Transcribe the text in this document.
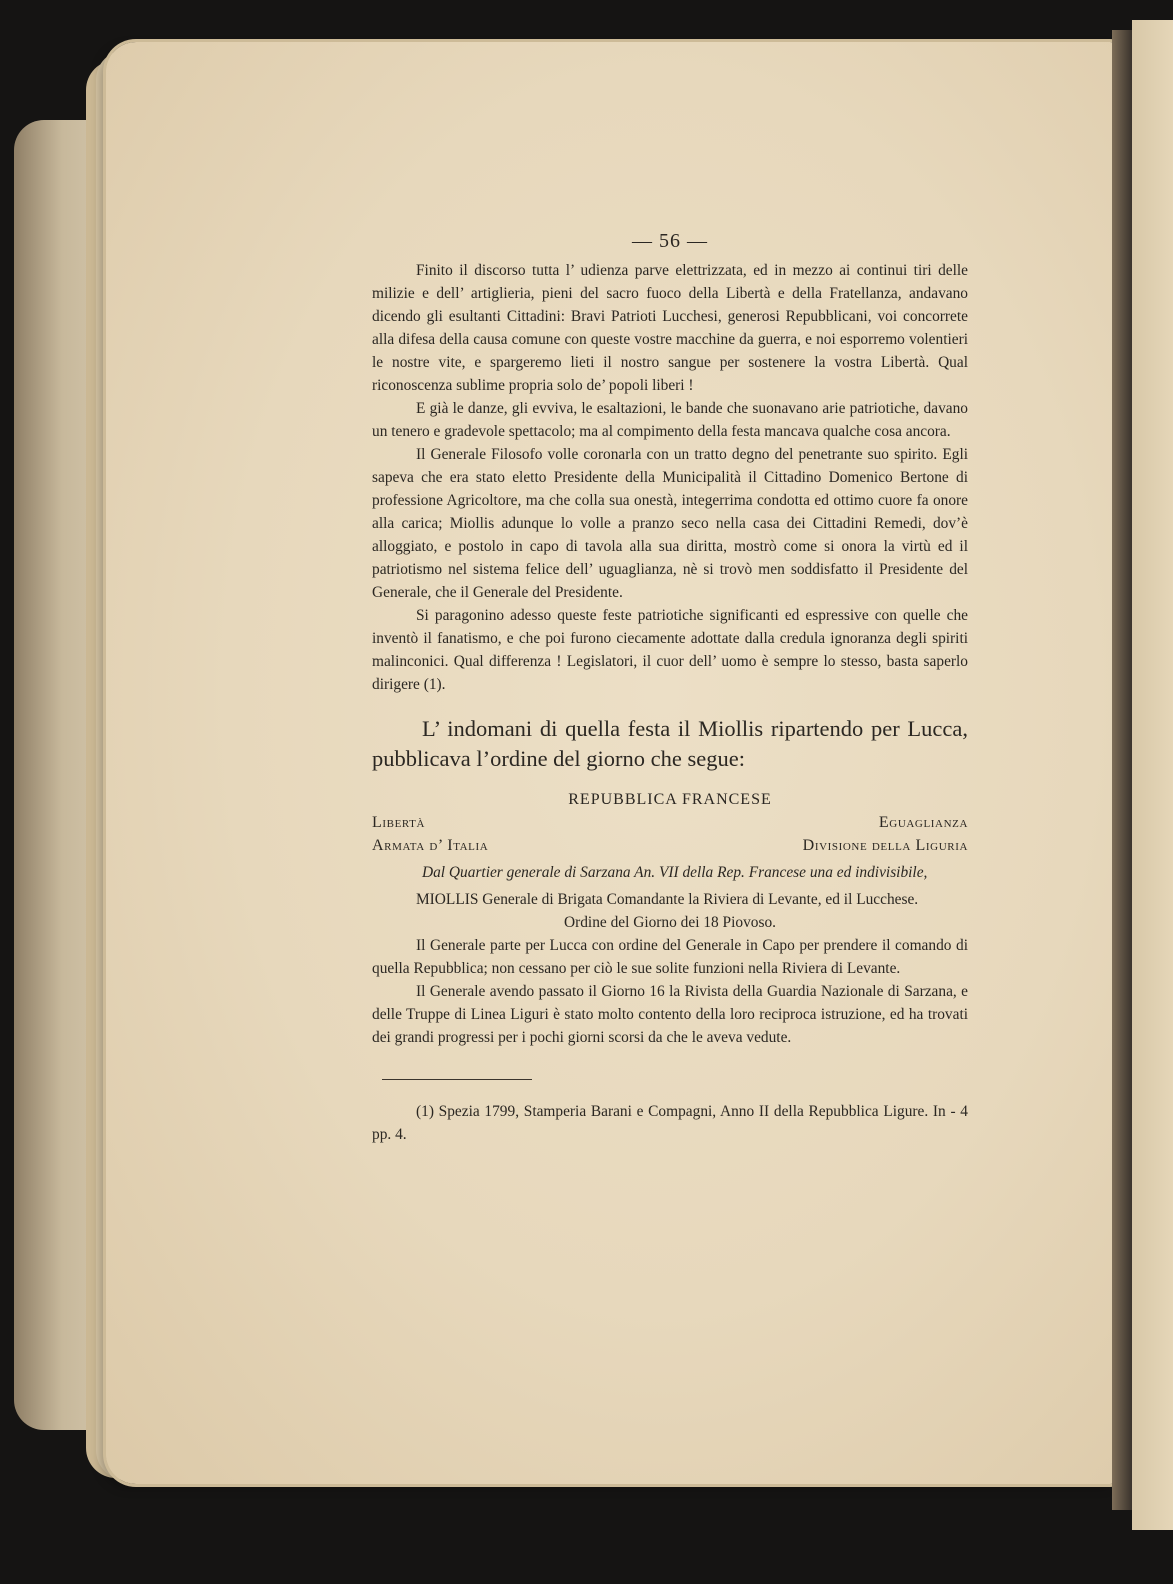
— 56 —

Finito il discorso tutta l’ udienza parve elettrizzata, ed in mezzo ai continui tiri delle milizie e dell’ artiglieria, pieni del sacro fuoco della Libertà e della Fratellanza, andavano dicendo gli esultanti Cittadini: Bravi Patrioti Lucchesi, generosi Repubblicani, voi concorrete alla difesa della causa comune con queste vostre macchine da guerra, e noi esporremo volentieri le nostre vite, e spargeremo lieti il nostro sangue per sostenere la vostra Libertà. Qual riconoscenza sublime propria solo de’ popoli liberi !

E già le danze, gli evviva, le esaltazioni, le bande che suonavano arie patriotiche, davano un tenero e gradevole spettacolo; ma al compimento della festa mancava qualche cosa ancora.

Il Generale Filosofo volle coronarla con un tratto degno del penetrante suo spirito. Egli sapeva che era stato eletto Presidente della Municipalità il Cittadino Domenico Bertone di professione Agricoltore, ma che colla sua onestà, integerrima condotta ed ottimo cuore fa onore alla carica; Miollis adunque lo volle a pranzo seco nella casa dei Cittadini Remedi, dov’è alloggiato, e postolo in capo di tavola alla sua diritta, mostrò come si onora la virtù ed il patriotismo nel sistema felice dell’ uguaglianza, nè si trovò men soddisfatto il Presidente del Generale, che il Generale del Presidente.

Si paragonino adesso queste feste patriotiche significanti ed espressive con quelle che inventò il fanatismo, e che poi furono ciecamente adottate dalla credula ignoranza degli spiriti malinconici. Qual differenza ! Legislatori, il cuor dell’ uomo è sempre lo stesso, basta saperlo dirigere (1).

L’ indomani di quella festa il Miollis ripartendo per Lucca, pubblicava l’ordine del giorno che segue:

REPUBBLICA FRANCESE
Libertà	Eguaglianza
Armata d’ Italia	Divisione della Liguria

Dal Quartier generale di Sarzana An. VII della Rep. Francese una ed indivisibile,

MIOLLIS Generale di Brigata Comandante la Riviera di Levante, ed il Lucchese.

Ordine del Giorno dei 18 Piovoso.

Il Generale parte per Lucca con ordine del Generale in Capo per prendere il comando di quella Repubblica; non cessano per ciò le sue solite funzioni nella Riviera di Levante.

Il Generale avendo passato il Giorno 16 la Rivista della Guardia Nazionale di Sarzana, e delle Truppe di Linea Liguri è stato molto contento della loro reciproca istruzione, ed ha trovati dei grandi progressi per i pochi giorni scorsi da che le aveva vedute.

(1) Spezia 1799, Stamperia Barani e Compagni, Anno II della Repubblica Ligure. In - 4 pp. 4.
